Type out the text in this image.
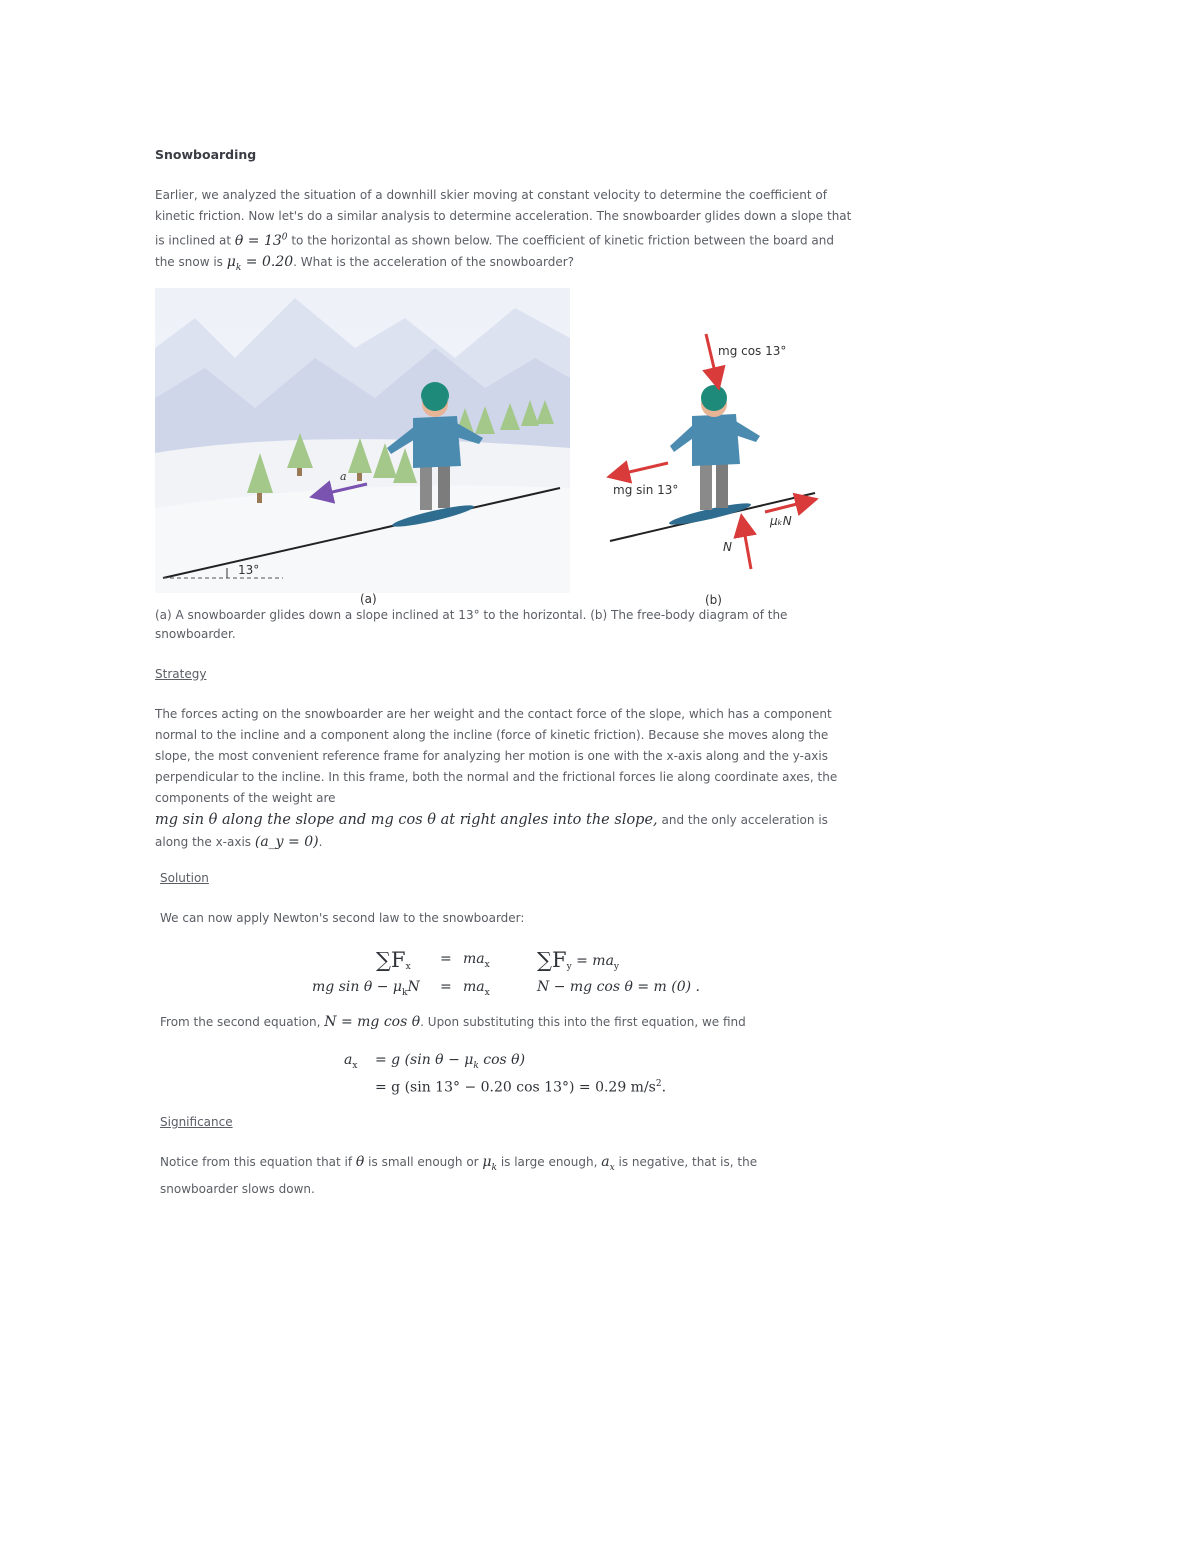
Snowboarding
Earlier, we analyzed the situation of a downhill skier moving at constant velocity to determine the coefficient of kinetic friction. Now let's do a similar analysis to determine acceleration. The snowboarder glides down a slope that is inclined at $\theta = 13^0$ to the horizontal as shown below. The coefficient of kinetic friction between the board and the snow is $\mu_k = 0.20$. What is the acceleration of the snowboarder?
13°
a
mg cos 13°
mg sin 13°
N
μₖN
(a)	(b)
(a) A snowboarder glides down a slope inclined at 13° to the horizontal. (b) The free-body diagram of the snowboarder.
Strategy
The forces acting on the snowboarder are her weight and the contact force of the slope, which has a component normal to the incline and a component along the incline (force of kinetic friction). Because she moves along the slope, the most convenient reference frame for analyzing her motion is one with the x-axis along and the y-axis perpendicular to the incline. In this frame, both the normal and the frictional forces lie along coordinate axes, the components of the weight are
mg sin θ along the slope and mg cos θ at right angles into the slope, and the only acceleration is along the x-axis (a_y = 0).
Solution
We can now apply Newton's second law to the snowboarder:
$\sum F_x = ma_x$ $\sum F_y = ma_y$
mg $\sin \theta - \mu_kN = ma_x$	N − mg cos θ = m (0) .
From the second equation, N = mg cos θ. Upon substituting this into the first equation, we find
$a_x = g$ (sin $\theta - \mu_k$ cos θ)
= g (sin 13° − 0.20 cos 13°) = 0.29 $m/s^2$.
Significance
Notice from this equation that if θ is small enough or $\mu_k$ is large enough, $a_x$ is negative, that is, the snowboarder slows down.
